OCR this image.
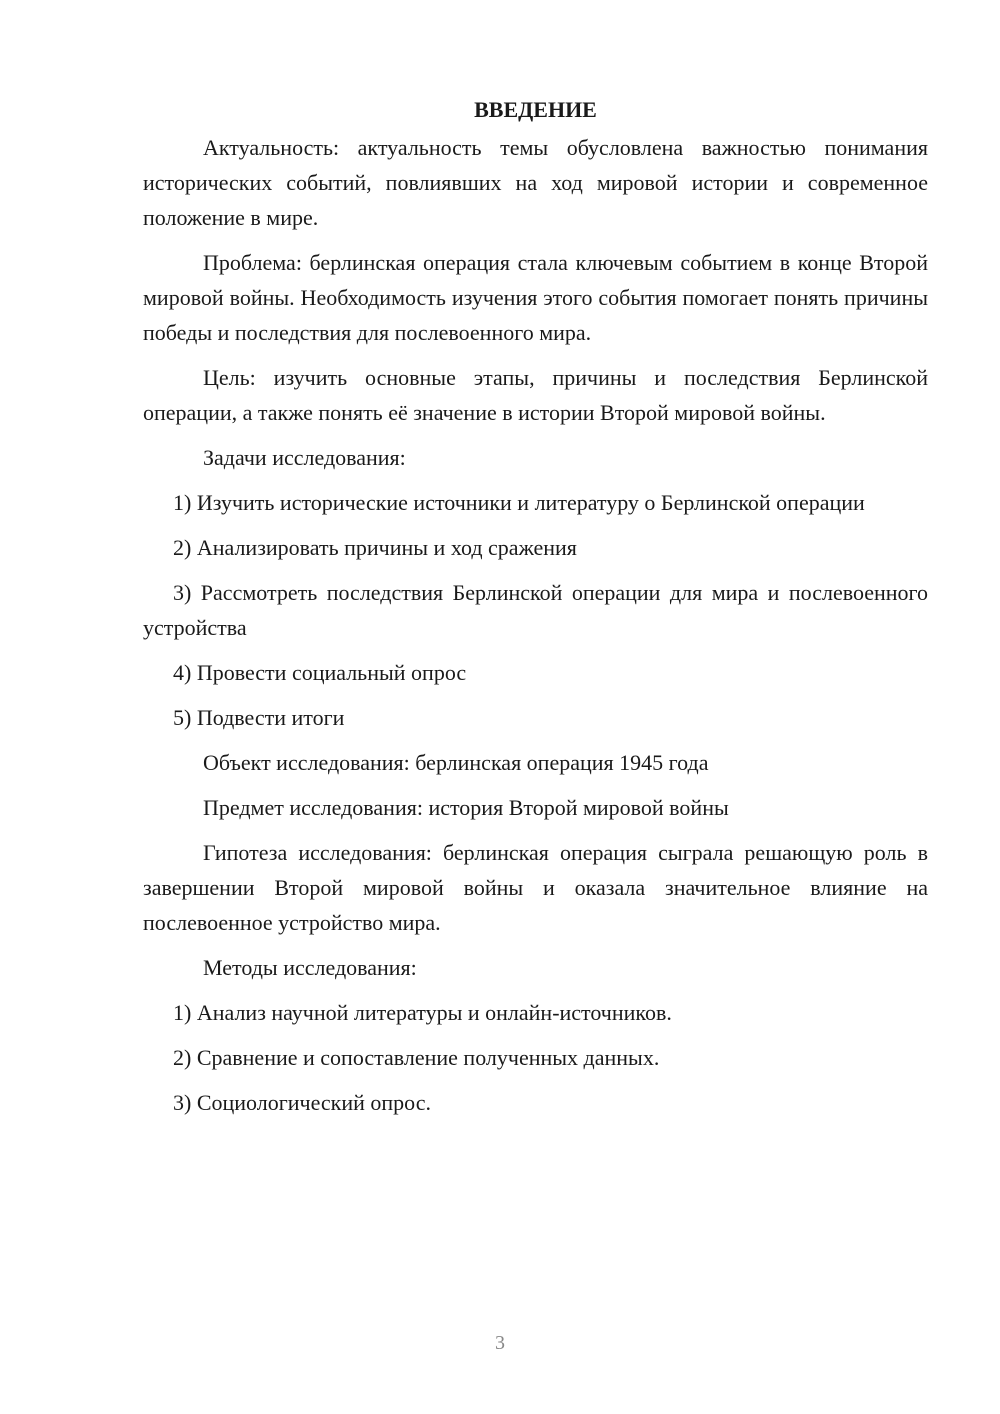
ВВЕДЕНИЕ

Актуальность: актуальность темы обусловлена важностью понимания исторических событий, повлиявших на ход мировой истории и современное положение в мире.

Проблема: берлинская операция стала ключевым событием в конце Второй мировой войны. Необходимость изучения этого события помогает понять причины победы и последствия для послевоенного мира.

Цель: изучить основные этапы, причины и последствия Берлинской операции, а также понять её значение в истории Второй мировой войны.

Задачи исследования:

1) Изучить исторические источники и литературу о Берлинской операции

2) Анализировать причины и ход сражения

3) Рассмотреть последствия Берлинской операции для мира и послевоенного устройства

4) Провести социальный опрос

5) Подвести итоги

Объект исследования: берлинская операция 1945 года

Предмет исследования: история Второй мировой войны

Гипотеза исследования: берлинская операция сыграла решающую роль в завершении Второй мировой войны и оказала значительное влияние на послевоенное устройство мира.

Методы исследования:

1) Анализ научной литературы и онлайн-источников.

2) Сравнение и сопоставление полученных данных.

3) Социологический опрос.

3
